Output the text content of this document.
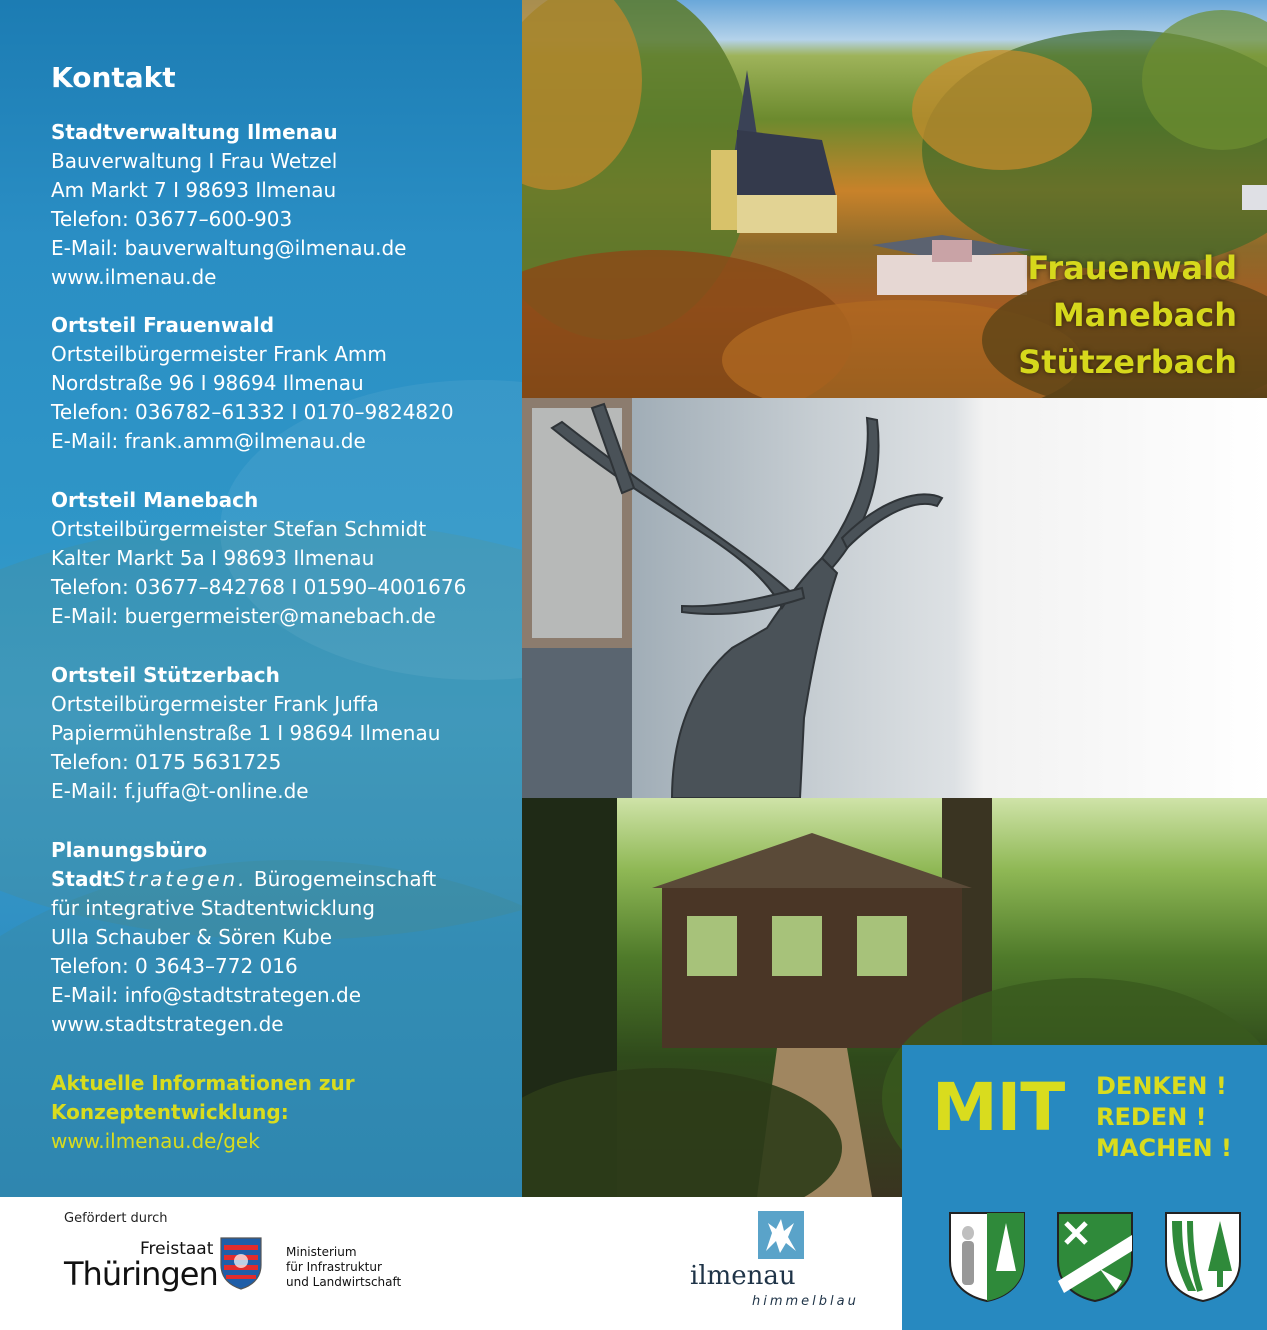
Kontakt
Stadtverwaltung Ilmenau
Bauverwaltung I Frau Wetzel
Am Markt 7 I 98693 Ilmenau
Telefon: 03677–600-903
E-Mail: bauverwaltung@ilmenau.de
www.ilmenau.de
Ortsteil Frauenwald
Ortsteilbürgermeister Frank Amm
Nordstraße 96 I 98694 Ilmenau
Telefon: 036782–61332 I 0170–9824820
E-Mail: frank.amm@ilmenau.de
Ortsteil Manebach
Ortsteilbürgermeister Stefan Schmidt
Kalter Markt 5a I 98693 Ilmenau
Telefon: 03677–842768 I 01590–4001676
E-Mail: buergermeister@manebach.de
Ortsteil Stützerbach
Ortsteilbürgermeister Frank Juffa
Papiermühlenstraße 1 I 98694 Ilmenau
Telefon: 0175 5631725
E-Mail: f.juffa@t-online.de
Planungsbüro
StadtStrategen. Bürogemeinschaft
für integrative Stadtentwicklung
Ulla Schauber & Sören Kube
Telefon: 0 3643–772 016
E-Mail: info@stadtstrategen.de
www.stadtstrategen.de
Aktuelle Informationen zur
Konzeptentwicklung:
www.ilmenau.de/gek
Frauenwald
Manebach
Stützerbach
MIT DENKEN !
REDEN !
MACHEN !
Gefördert durch
Freistaat
Thüringen
Ministerium
für Infrastruktur
und Landwirtschaft	ilmenau
himmelblau
